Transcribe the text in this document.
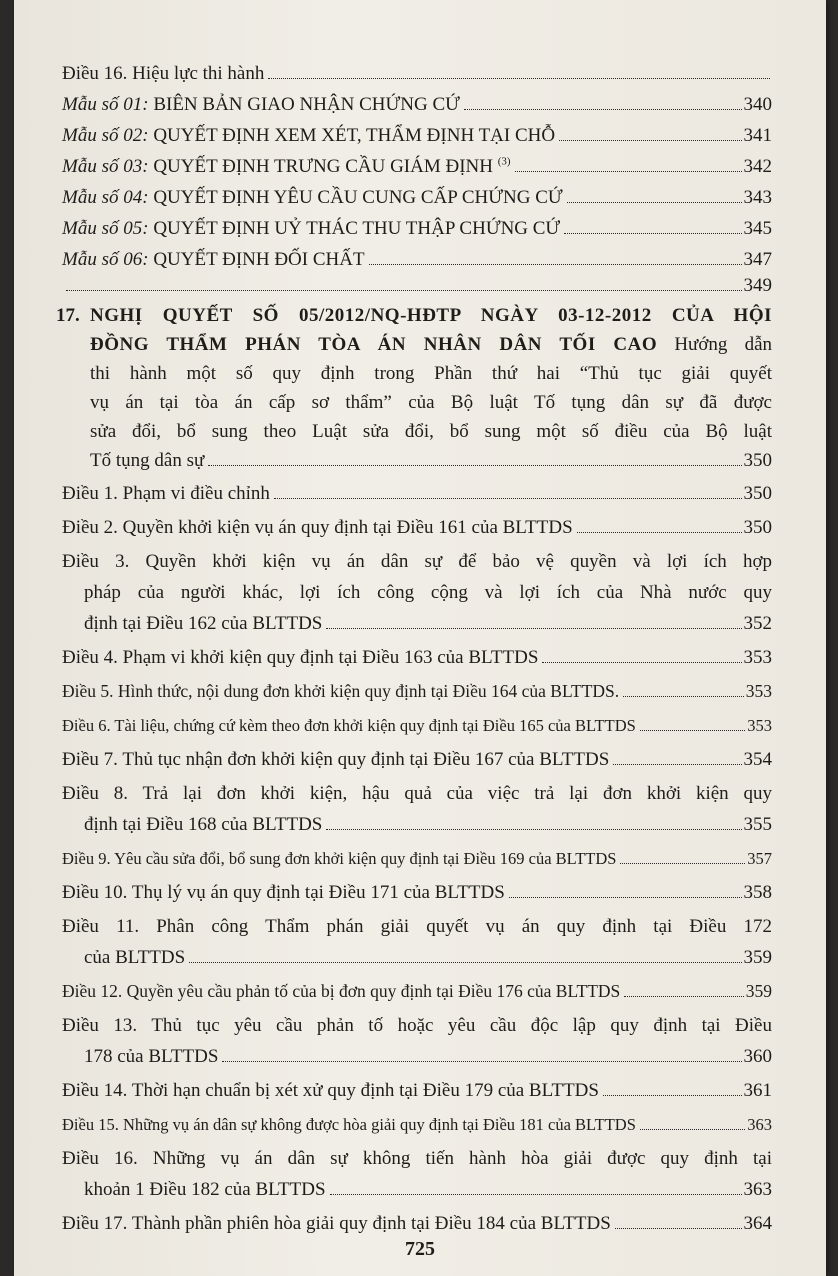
Điều 16. Hiệu lực thi hành
Mẫu số 01: BIÊN BẢN GIAO NHẬN CHỨNG CỨ	340
Mẫu số 02: QUYẾT ĐỊNH XEM XÉT, THẨM ĐỊNH TẠI CHỖ	341
Mẫu số 03: QUYẾT ĐỊNH TRƯNG CẦU GIÁM ĐỊNH $^{(3)}$	342
Mẫu số 04: QUYẾT ĐỊNH YÊU CẦU CUNG CẤP CHỨNG CỨ	343
Mẫu số 05: QUYẾT ĐỊNH UỶ THÁC THU THẬP CHỨNG CỨ	345
Mẫu số 06: QUYẾT ĐỊNH ĐỐI CHẤT	347
349
17. NGHỊ QUYẾT SỐ 05/2012/NQ-HĐTP NGÀY 03-12-2012 CỦA HỘI
ĐỒNG THẨM PHÁN TÒA ÁN NHÂN DÂN TỐI CAO Hướng dẫn
thi hành một số quy định trong Phần thứ hai “Thủ tục giải quyết
vụ án tại tòa án cấp sơ thẩm” của Bộ luật Tố tụng dân sự đã được
sửa đổi, bổ sung theo Luật sửa đổi, bổ sung một số điều của Bộ luật
Tố tụng dân sự	350
Điều 1. Phạm vi điều chỉnh	350
Điều 2. Quyền khởi kiện vụ án quy định tại Điều 161 của BLTTDS	350
Điều 3. Quyền khởi kiện vụ án dân sự để bảo vệ quyền và lợi ích hợp
pháp của người khác, lợi ích công cộng và lợi ích của Nhà nước quy
định tại Điều 162 của BLTTDS	352
Điều 4. Phạm vi khởi kiện quy định tại Điều 163 của BLTTDS	353
Điều 5. Hình thức, nội dung đơn khởi kiện quy định tại Điều 164 của BLTTDS.	353
Điều 6. Tài liệu, chứng cứ kèm theo đơn khởi kiện quy định tại Điều 165 của BLTTDS	353
Điều 7. Thủ tục nhận đơn khởi kiện quy định tại Điều 167 của BLTTDS	354
Điều 8. Trả lại đơn khởi kiện, hậu quả của việc trả lại đơn khởi kiện quy
định tại Điều 168 của BLTTDS	355
Điều 9. Yêu cầu sửa đổi, bổ sung đơn khởi kiện quy định tại Điều 169 của BLTTDS	357
Điều 10. Thụ lý vụ án quy định tại Điều 171 của BLTTDS	358
Điều 11. Phân công Thẩm phán giải quyết vụ án quy định tại Điều 172
của BLTTDS	359
Điều 12. Quyền yêu cầu phản tố của bị đơn quy định tại Điều 176 của BLTTDS	359
Điều 13. Thủ tục yêu cầu phản tố hoặc yêu cầu độc lập quy định tại Điều
178 của BLTTDS	360
Điều 14. Thời hạn chuẩn bị xét xử quy định tại Điều 179 của BLTTDS	361
Điều 15. Những vụ án dân sự không được hòa giải quy định tại Điều 181 của BLTTDS	363
Điều 16. Những vụ án dân sự không tiến hành hòa giải được quy định tại
khoản 1 Điều 182 của BLTTDS	363
Điều 17. Thành phần phiên hòa giải quy định tại Điều 184 của BLTTDS	364
725
